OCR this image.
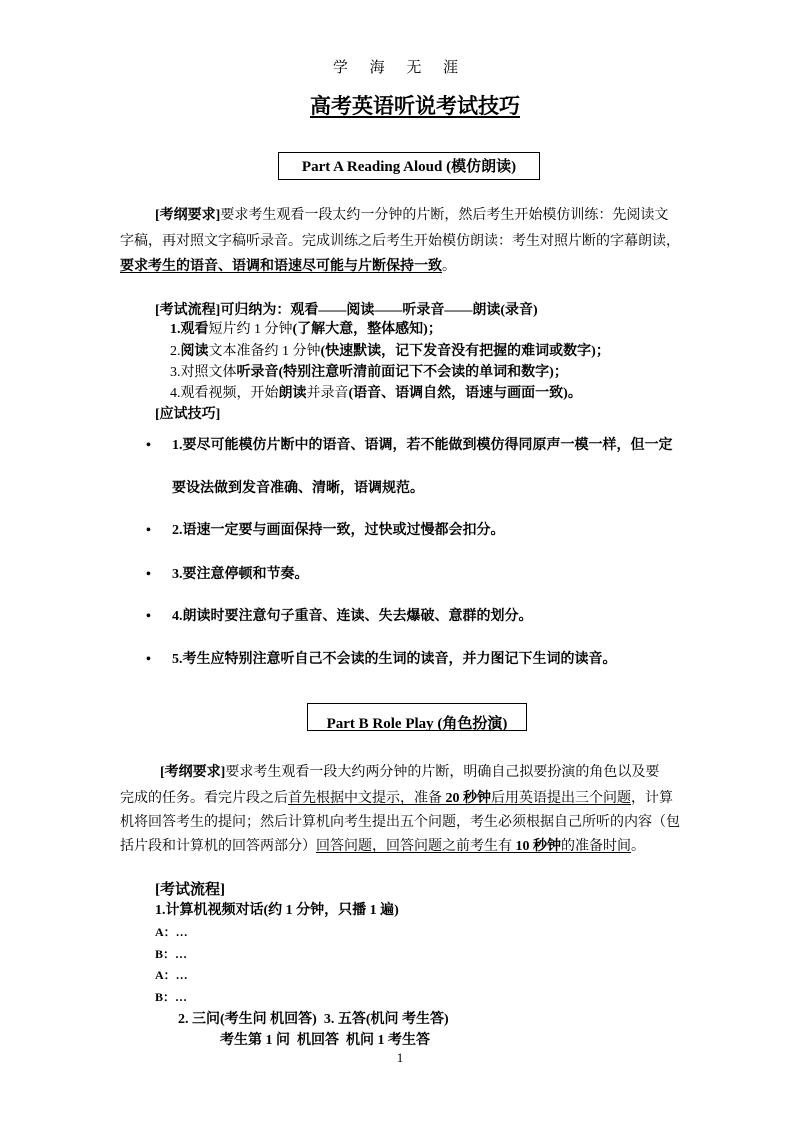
学 海 无 涯
高考英语听说考试技巧
Part A Reading Aloud (模仿朗读)
[考纲要求]要求考生观看一段太约一分钟的片断，然后考生开始模仿训练：先阅读文
字稿，再对照文字稿听录音。完成训练之后考生开始模仿朗读：考生对照片断的字幕朗读，
要求考生的语音、语调和语速尽可能与片断保持一致。
[考试流程]可归纳为：观看——阅读——听录音——朗读(录音)
1.观看短片约 1 分钟(了解大意，整体感知)；
2.阅读文本准备约 1 分钟(快速默读，记下发音没有把握的难词或数字)；
3.对照文体听录音(特别注意听清前面记下不会读的单词和数字)；
4.观看视频，开始朗读并录音(语音、语调自然，语速与画面一致)。
[应试技巧]
• 1.要尽可能模仿片断中的语音、语调，若不能做到模仿得同原声一模一样，但一定
要设法做到发音准确、清晰，语调规范。
• 2.语速一定要与画面保持一致，过快或过慢都会扣分。
• 3.要注意停顿和节奏。
• 4.朗读时要注意句子重音、连读、失去爆破、意群的划分。
• 5.考生应特别注意听自己不会读的生词的读音，并力图记下生词的读音。
Part B Role Play (角色扮演)
[考纲要求]要求考生观看一段大约两分钟的片断，明确自己拟要扮演的角色以及要
完成的任务。看完片段之后首先根据中文提示，准备 20 秒钟后用英语提出三个问题，计算
机将回答考生的提问；然后计算机向考生提出五个问题，考生必须根据自己所听的内容（包
括片段和计算机的回答两部分）回答问题，回答问题之前考生有 10 秒钟的准备时间。
[考试流程]
1.计算机视频对话(约 1 分钟，只播 1 遍)
A：…
B：…
A：…
B：…
2. 三问(考生问 机回答)  3. 五答(机问 考生答)
考生第 1 问  机回答  机问 1 考生答
1
